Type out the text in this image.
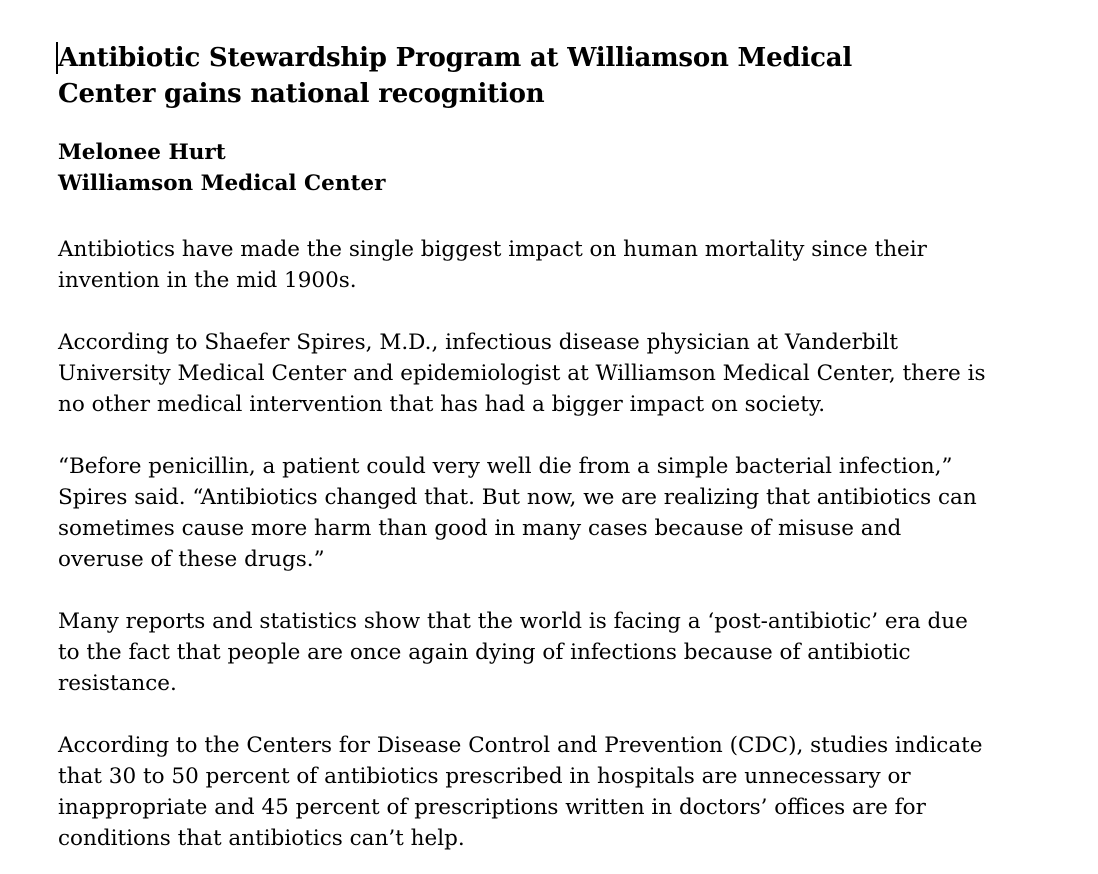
Antibiotic Stewardship Program at Williamson Medical
Center gains national recognition
Melonee Hurt
Williamson Medical Center

Antibiotics have made the single biggest impact on human mortality since their
invention in the mid 1900s.

According to Shaefer Spires, M.D., infectious disease physician at Vanderbilt
University Medical Center and epidemiologist at Williamson Medical Center, there is
no other medical intervention that has had a bigger impact on society.

“Before penicillin, a patient could very well die from a simple bacterial infection,”
Spires said. “Antibiotics changed that. But now, we are realizing that antibiotics can
sometimes cause more harm than good in many cases because of misuse and
overuse of these drugs.”

Many reports and statistics show that the world is facing a ‘post-antibiotic’ era due
to the fact that people are once again dying of infections because of antibiotic
resistance.

According to the Centers for Disease Control and Prevention (CDC), studies indicate
that 30 to 50 percent of antibiotics prescribed in hospitals are unnecessary or
inappropriate and 45 percent of prescriptions written in doctors’ offices are for
conditions that antibiotics can’t help.
